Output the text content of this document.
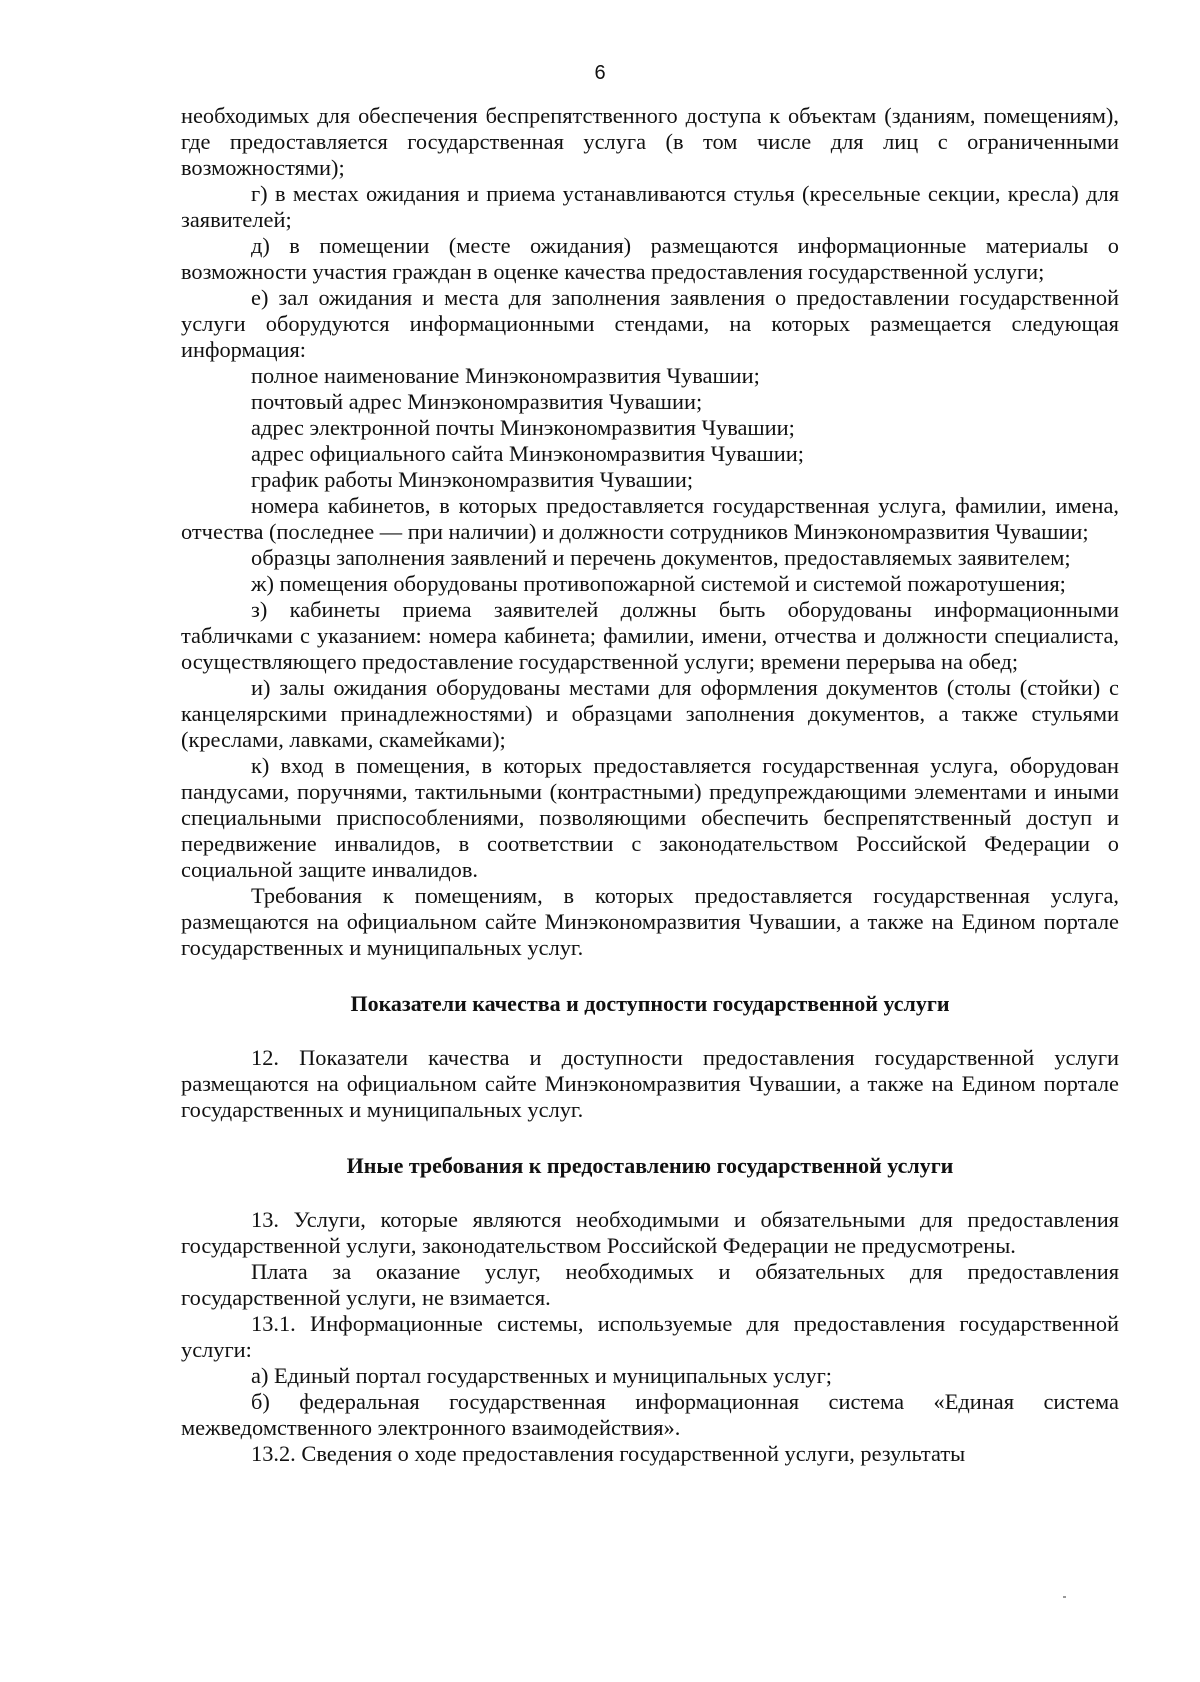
6
необходимых для обеспечения беспрепятственного доступа к объектам (зданиям, помещениям), где предоставляется государственная услуга (в том числе для лиц с ограниченными возможностями);
г) в местах ожидания и приема устанавливаются стулья (кресельные секции, кресла) для заявителей;
д) в помещении (месте ожидания) размещаются информационные материалы о возможности участия граждан в оценке качества предоставления государственной услуги;
е) зал ожидания и места для заполнения заявления о предоставлении государственной услуги оборудуются информационными стендами, на которых размещается следующая информация:
полное наименование Минэкономразвития Чувашии;
почтовый адрес Минэкономразвития Чувашии;
адрес электронной почты Минэкономразвития Чувашии;
адрес официального сайта Минэкономразвития Чувашии;
график работы Минэкономразвития Чувашии;
номера кабинетов, в которых предоставляется государственная услуга, фамилии, имена, отчества (последнее — при наличии) и должности сотрудников Минэкономразвития Чувашии;
образцы заполнения заявлений и перечень документов, предоставляемых заявителем;
ж) помещения оборудованы противопожарной системой и системой пожаротушения;
з) кабинеты приема заявителей должны быть оборудованы информационными табличками с указанием: номера кабинета; фамилии, имени, отчества и должности специалиста, осуществляющего предоставление государственной услуги; времени перерыва на обед;
и) залы ожидания оборудованы местами для оформления документов (столы (стойки) с канцелярскими принадлежностями) и образцами заполнения документов, а также стульями (креслами, лавками, скамейками);
к) вход в помещения, в которых предоставляется государственная услуга, оборудован пандусами, поручнями, тактильными (контрастными) предупреждающими элементами и иными специальными приспособлениями, позволяющими обеспечить беспрепятственный доступ и передвижение инвалидов, в соответствии с законодательством Российской Федерации о социальной защите инвалидов.
Требования к помещениям, в которых предоставляется государственная услуга, размещаются на официальном сайте Минэкономразвития Чувашии, а также на Едином портале государственных и муниципальных услуг.
Показатели качества и доступности государственной услуги
12. Показатели качества и доступности предоставления государственной услуги размещаются на официальном сайте Минэкономразвития Чувашии, а также на Едином портале государственных и муниципальных услуг.
Иные требования к предоставлению государственной услуги
13. Услуги, которые являются необходимыми и обязательными для предоставления государственной услуги, законодательством Российской Федерации не предусмотрены.
Плата за оказание услуг, необходимых и обязательных для предоставления государственной услуги, не взимается.
13.1. Информационные системы, используемые для предоставления государственной услуги:
а) Единый портал государственных и муниципальных услуг;
б) федеральная государственная информационная система «Единая система межведомственного электронного взаимодействия».
13.2. Сведения о ходе предоставления государственной услуги, результаты
